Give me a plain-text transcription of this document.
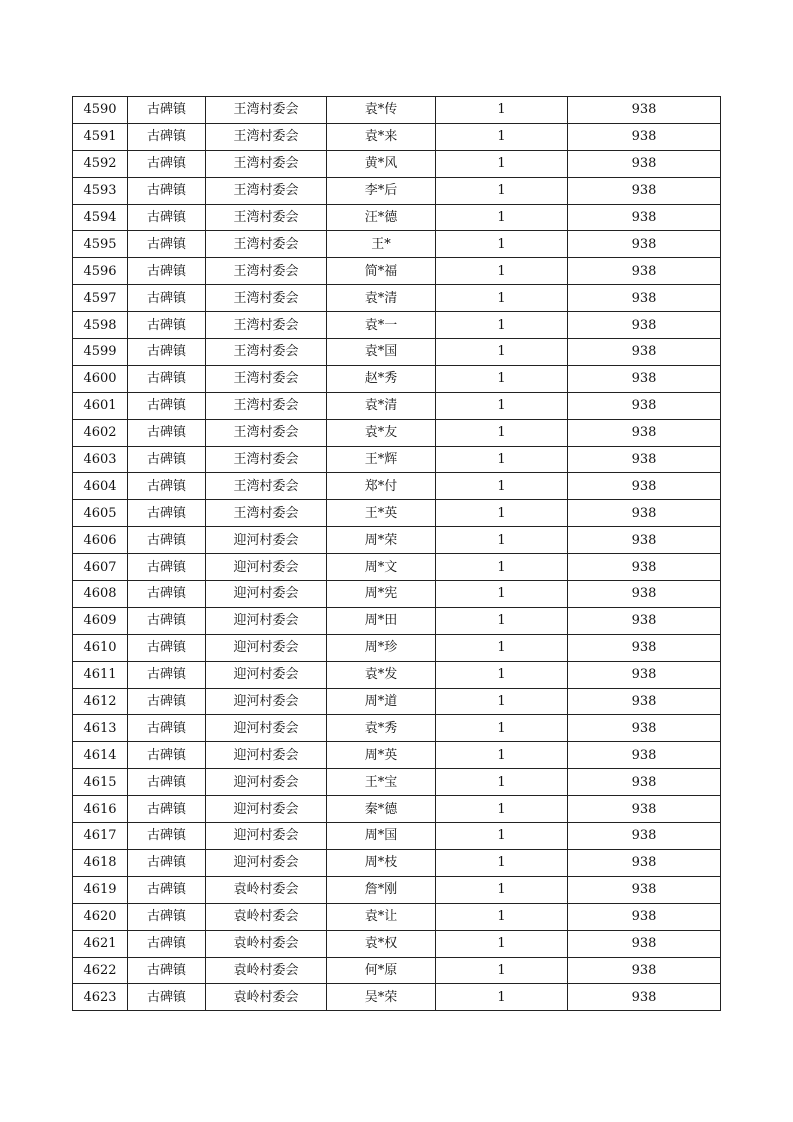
4590	古碑镇	王湾村委会	袁*传	1	938
4591	古碑镇	王湾村委会	袁*来	1	938
4592	古碑镇	王湾村委会	黄*风	1	938
4593	古碑镇	王湾村委会	李*后	1	938
4594	古碑镇	王湾村委会	汪*德	1	938
4595	古碑镇	王湾村委会	王*	1	938
4596	古碑镇	王湾村委会	简*福	1	938
4597	古碑镇	王湾村委会	袁*清	1	938
4598	古碑镇	王湾村委会	袁*一	1	938
4599	古碑镇	王湾村委会	袁*国	1	938
4600	古碑镇	王湾村委会	赵*秀	1	938
4601	古碑镇	王湾村委会	袁*清	1	938
4602	古碑镇	王湾村委会	袁*友	1	938
4603	古碑镇	王湾村委会	王*辉	1	938
4604	古碑镇	王湾村委会	郑*付	1	938
4605	古碑镇	王湾村委会	王*英	1	938
4606	古碑镇	迎河村委会	周*荣	1	938
4607	古碑镇	迎河村委会	周*文	1	938
4608	古碑镇	迎河村委会	周*宪	1	938
4609	古碑镇	迎河村委会	周*田	1	938
4610	古碑镇	迎河村委会	周*珍	1	938
4611	古碑镇	迎河村委会	袁*发	1	938
4612	古碑镇	迎河村委会	周*道	1	938
4613	古碑镇	迎河村委会	袁*秀	1	938
4614	古碑镇	迎河村委会	周*英	1	938
4615	古碑镇	迎河村委会	王*宝	1	938
4616	古碑镇	迎河村委会	秦*德	1	938
4617	古碑镇	迎河村委会	周*国	1	938
4618	古碑镇	迎河村委会	周*枝	1	938
4619	古碑镇	袁岭村委会	詹*刚	1	938
4620	古碑镇	袁岭村委会	袁*让	1	938
4621	古碑镇	袁岭村委会	袁*权	1	938
4622	古碑镇	袁岭村委会	何*原	1	938
4623	古碑镇	袁岭村委会	吴*荣	1	938
